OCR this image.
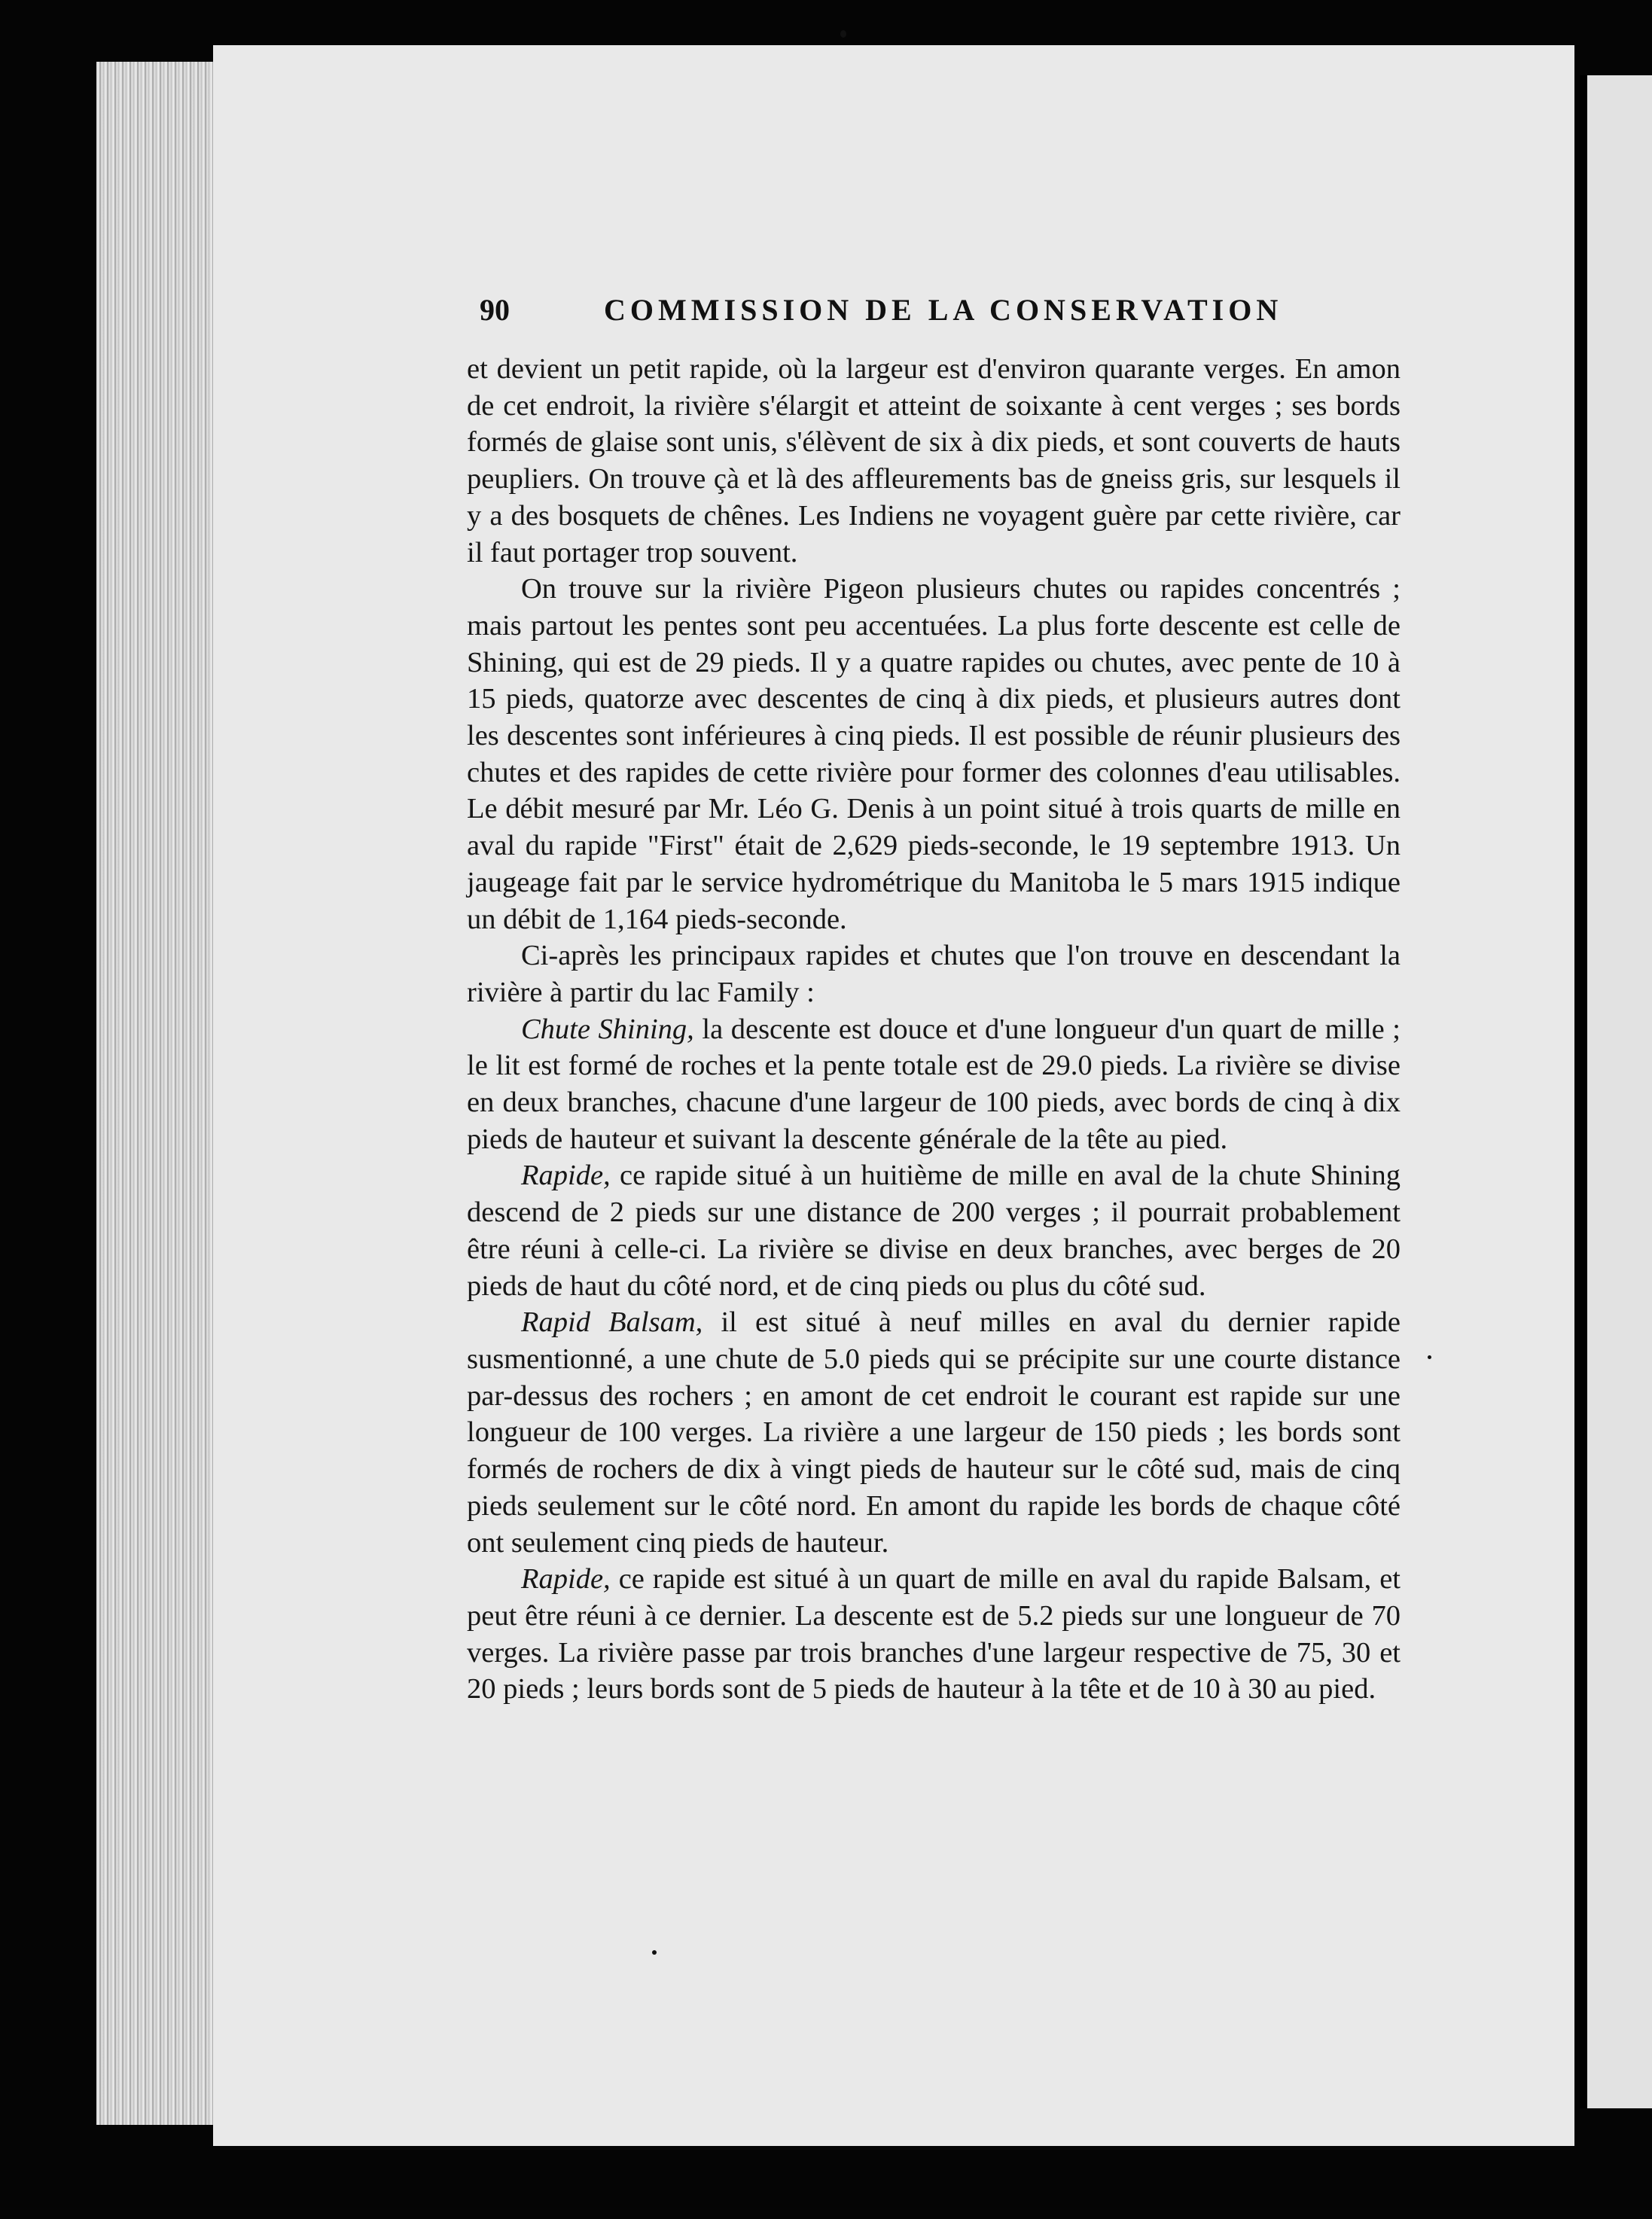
90	COMMISSION DE LA CONSERVATION

et devient un petit rapide, où la largeur est d'environ quarante verges. En amon de cet endroit, la rivière s'élargit et atteint de soixante à cent verges ; ses bords formés de glaise sont unis, s'élèvent de six à dix pieds, et sont couverts de hauts peupliers. On trouve çà et là des affleurements bas de gneiss gris, sur lesquels il y a des bosquets de chênes. Les Indiens ne voyagent guère par cette rivière, car il faut portager trop souvent.

On trouve sur la rivière Pigeon plusieurs chutes ou rapides concentrés ; mais partout les pentes sont peu accentuées. La plus forte descente est celle de Shining, qui est de 29 pieds. Il y a quatre rapides ou chutes, avec pente de 10 à 15 pieds, quatorze avec descentes de cinq à dix pieds, et plusieurs autres dont les descentes sont inférieures à cinq pieds. Il est possible de réunir plusieurs des chutes et des rapides de cette rivière pour former des colonnes d'eau utilisables. Le débit mesuré par Mr. Léo G. Denis à un point situé à trois quarts de mille en aval du rapide "First" était de 2,629 pieds-seconde, le 19 septembre 1913. Un jaugeage fait par le service hydrométrique du Manitoba le 5 mars 1915 indique un débit de 1,164 pieds-seconde.

Ci-après les principaux rapides et chutes que l'on trouve en descendant la rivière à partir du lac Family :

Chute Shining, la descente est douce et d'une longueur d'un quart de mille ; le lit est formé de roches et la pente totale est de 29.0 pieds. La rivière se divise en deux branches, chacune d'une largeur de 100 pieds, avec bords de cinq à dix pieds de hauteur et suivant la descente générale de la tête au pied.

Rapide, ce rapide situé à un huitième de mille en aval de la chute Shining descend de 2 pieds sur une distance de 200 verges ; il pourrait probablement être réuni à celle-ci. La rivière se divise en deux branches, avec berges de 20 pieds de haut du côté nord, et de cinq pieds ou plus du côté sud.

Rapid Balsam, il est situé à neuf milles en aval du dernier rapide susmentionné, a une chute de 5.0 pieds qui se précipite sur une courte distance par-dessus des rochers ; en amont de cet endroit le courant est rapide sur une longueur de 100 verges. La rivière a une largeur de 150 pieds ; les bords sont formés de rochers de dix à vingt pieds de hauteur sur le côté sud, mais de cinq pieds seulement sur le côté nord. En amont du rapide les bords de chaque côté ont seulement cinq pieds de hauteur.

Rapide, ce rapide est situé à un quart de mille en aval du rapide Balsam, et peut être réuni à ce dernier. La descente est de 5.2 pieds sur une longueur de 70 verges. La rivière passe par trois branches d'une largeur respective de 75, 30 et 20 pieds ; leurs bords sont de 5 pieds de hauteur à la tête et de 10 à 30 au pied.
